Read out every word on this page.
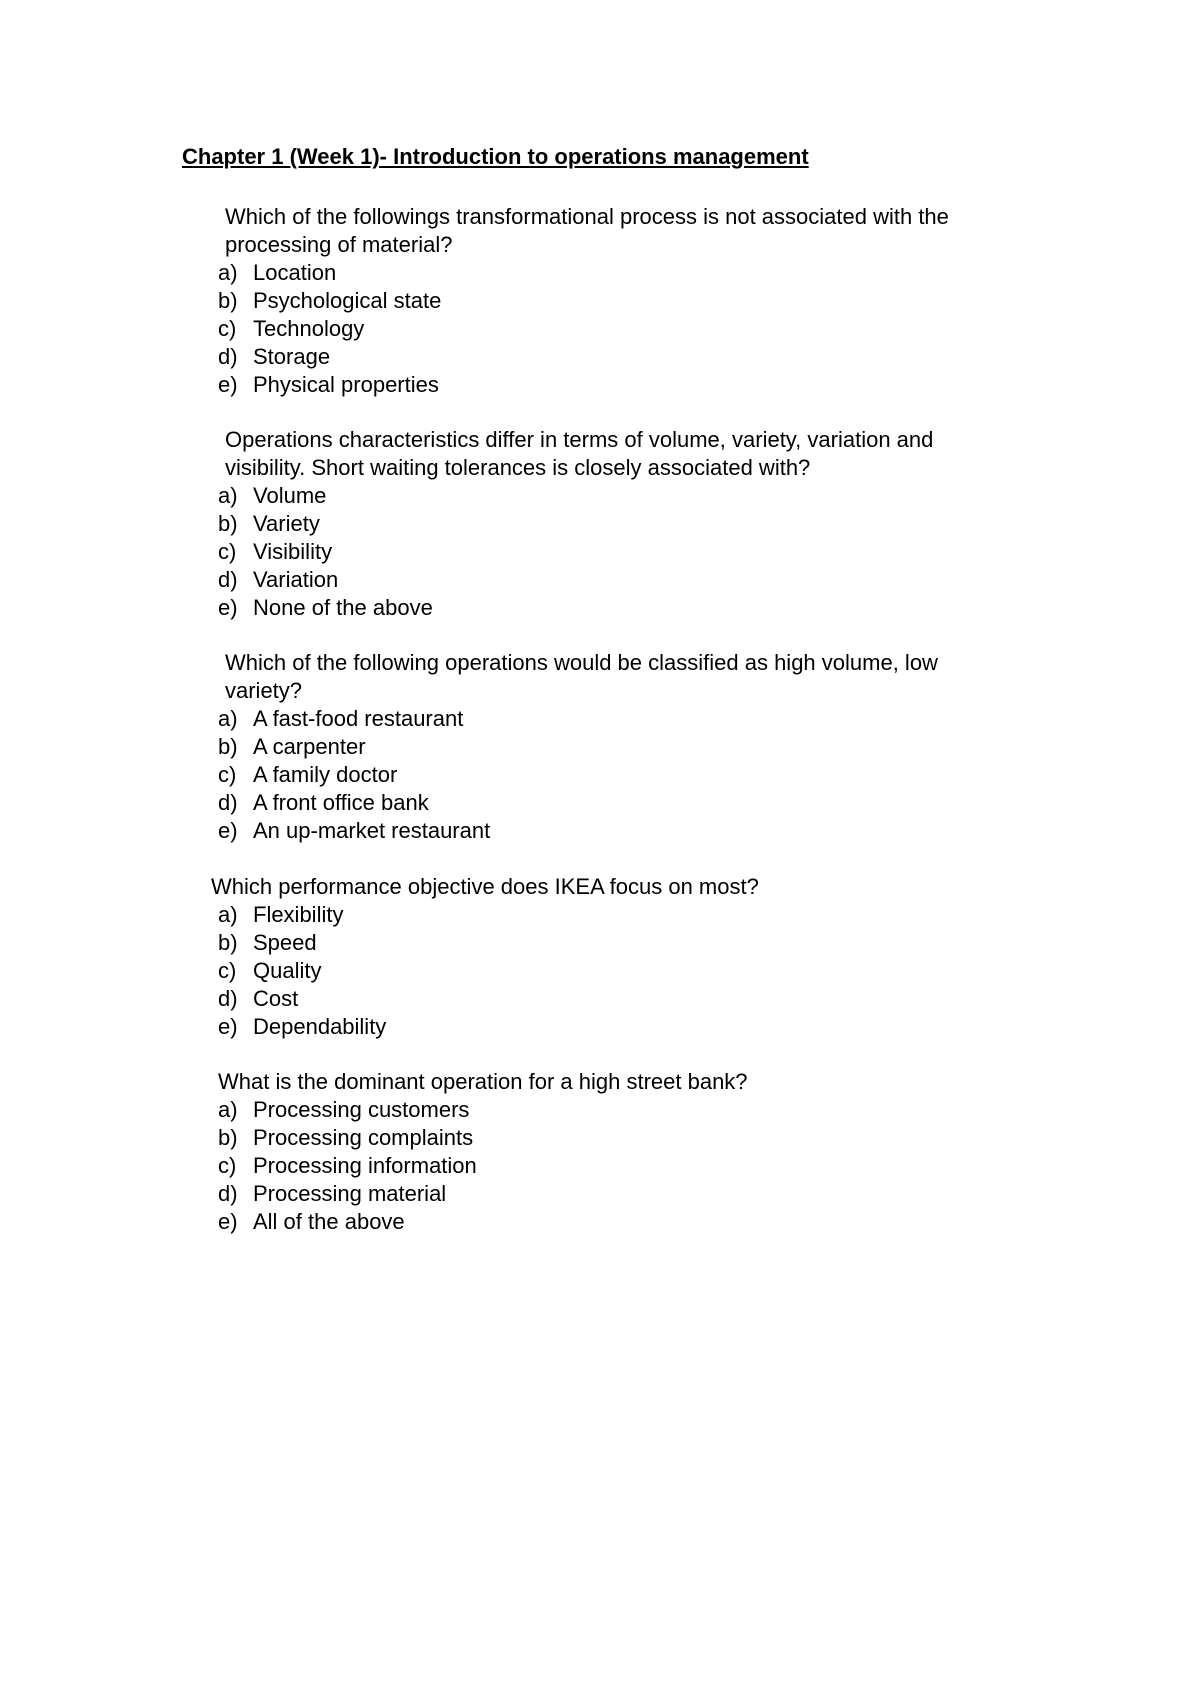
Chapter 1 (Week 1)- Introduction to operations management

Which of the followings transformational process is not associated with the processing of material?

a) Location
b) Psychological state
c) Technology
d) Storage
e) Physical properties

Operations characteristics differ in terms of volume, variety, variation and visibility. Short waiting tolerances is closely associated with?

a) Volume
b) Variety
c) Visibility
d) Variation
e) None of the above

Which of the following operations would be classified as high volume, low variety?

a) A fast-food restaurant
b) A carpenter
c) A family doctor
d) A front office bank
e) An up-market restaurant

Which performance objective does IKEA focus on most?

a) Flexibility
b) Speed
c) Quality
d) Cost
e) Dependability

What is the dominant operation for a high street bank?

a) Processing customers
b) Processing complaints
c) Processing information
d) Processing material
e) All of the above
